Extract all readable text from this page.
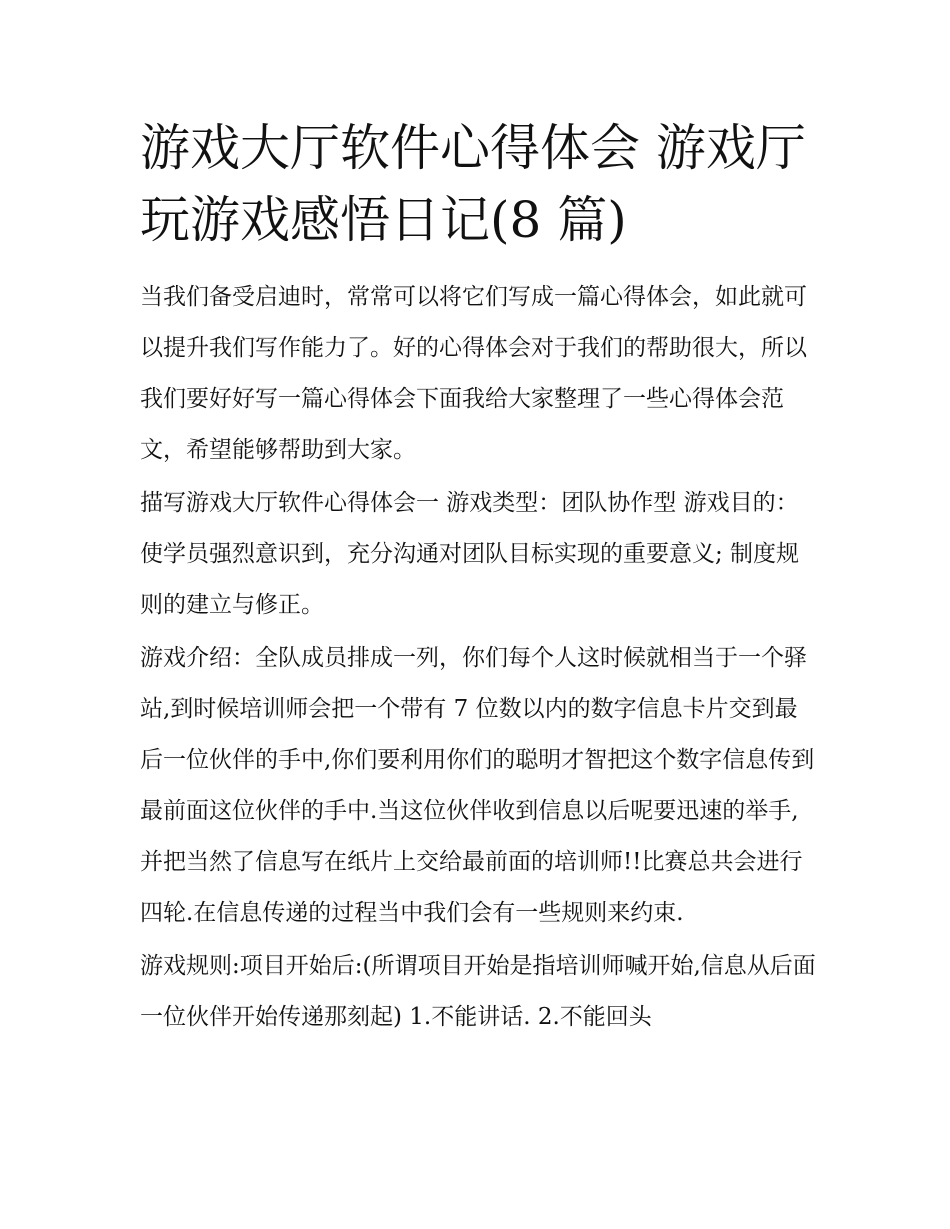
游戏大厅软件心得体会 游戏厅玩游戏感悟日记(8 篇)

当我们备受启迪时，常常可以将它们写成一篇心得体会，如此就可以提升我们写作能力了。好的心得体会对于我们的帮助很大，所以我们要好好写一篇心得体会下面我给大家整理了一些心得体会范文，希望能够帮助到大家。

描写游戏大厅软件心得体会一 游戏类型：团队协作型 游戏目的：使学员强烈意识到，充分沟通对团队目标实现的重要意义; 制度规则的建立与修正。

游戏介绍：全队成员排成一列，你们每个人这时候就相当于一个驿站,到时候培训师会把一个带有 7 位数以内的数字信息卡片交到最后一位伙伴的手中,你们要利用你们的聪明才智把这个数字信息传到最前面这位伙伴的手中.当这位伙伴收到信息以后呢要迅速的举手,并把当然了信息写在纸片上交给最前面的培训师!!比赛总共会进行四轮.在信息传递的过程当中我们会有一些规则来约束.

游戏规则:项目开始后:(所谓项目开始是指培训师喊开始,信息从后面一位伙伴开始传递那刻起) 1.不能讲话. 2.不能回头
